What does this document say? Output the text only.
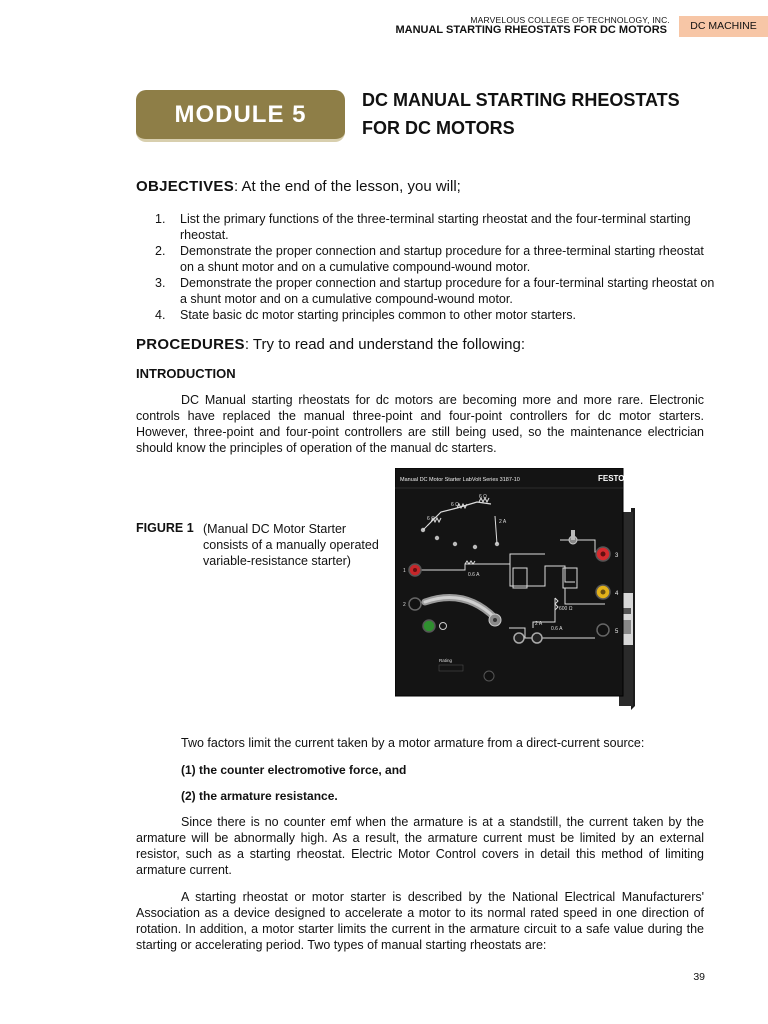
MARVELOUS COLLEGE OF TECHNOLOGY, INC.
MANUAL STARTING RHEOSTATS FOR DC MOTORS	DC MACHINE
MODULE 5
DC MANUAL STARTING RHEOSTATS
FOR DC MOTORS
OBJECTIVES: At the end of the lesson, you will;
1. List the primary functions of the three-terminal starting rheostat and the four-terminal starting rheostat.
2. Demonstrate the proper connection and startup procedure for a three-terminal starting rheostat on a shunt motor and on a cumulative compound-wound motor.
3. Demonstrate the proper connection and startup procedure for a four-terminal starting rheostat on a shunt motor and on a cumulative compound-wound motor.
4. State basic dc motor starting principles common to other motor starters.
PROCEDURES: Try to read and understand the following:
INTRODUCTION
DC Manual starting rheostats for dc motors are becoming more and more rare. Electronic controls have replaced the manual three-point and four-point controllers for dc motor starters. However, three-point and four-point controllers are still being used, so the maintenance electrician should know the principles of operation of the manual dc starters.
FIGURE 1 (Manual DC Motor Starter consists of a manually operated variable-resistance starter)
Manual DC Motor Starter LabVolt Series 3187-10	FESTO
6 Ω
6 Ω
6 Ω
2 A
0.6 A
600 Ω
2 A
0.6 A
1
3
4
5
2
Rating
Two factors limit the current taken by a motor armature from a direct-current source:
(1) the counter electromotive force, and
(2) the armature resistance.
Since there is no counter emf when the armature is at a standstill, the current taken by the armature will be abnormally high. As a result, the armature current must be limited by an external resistor, such as a starting rheostat. Electric Motor Control covers in detail this method of limiting armature current.
A starting rheostat or motor starter is described by the National Electrical Manufacturers' Association as a device designed to accelerate a motor to its normal rated speed in one direction of rotation. In addition, a motor starter limits the current in the armature circuit to a safe value during the starting or accelerating period. Two types of manual starting rheostats are:
39
